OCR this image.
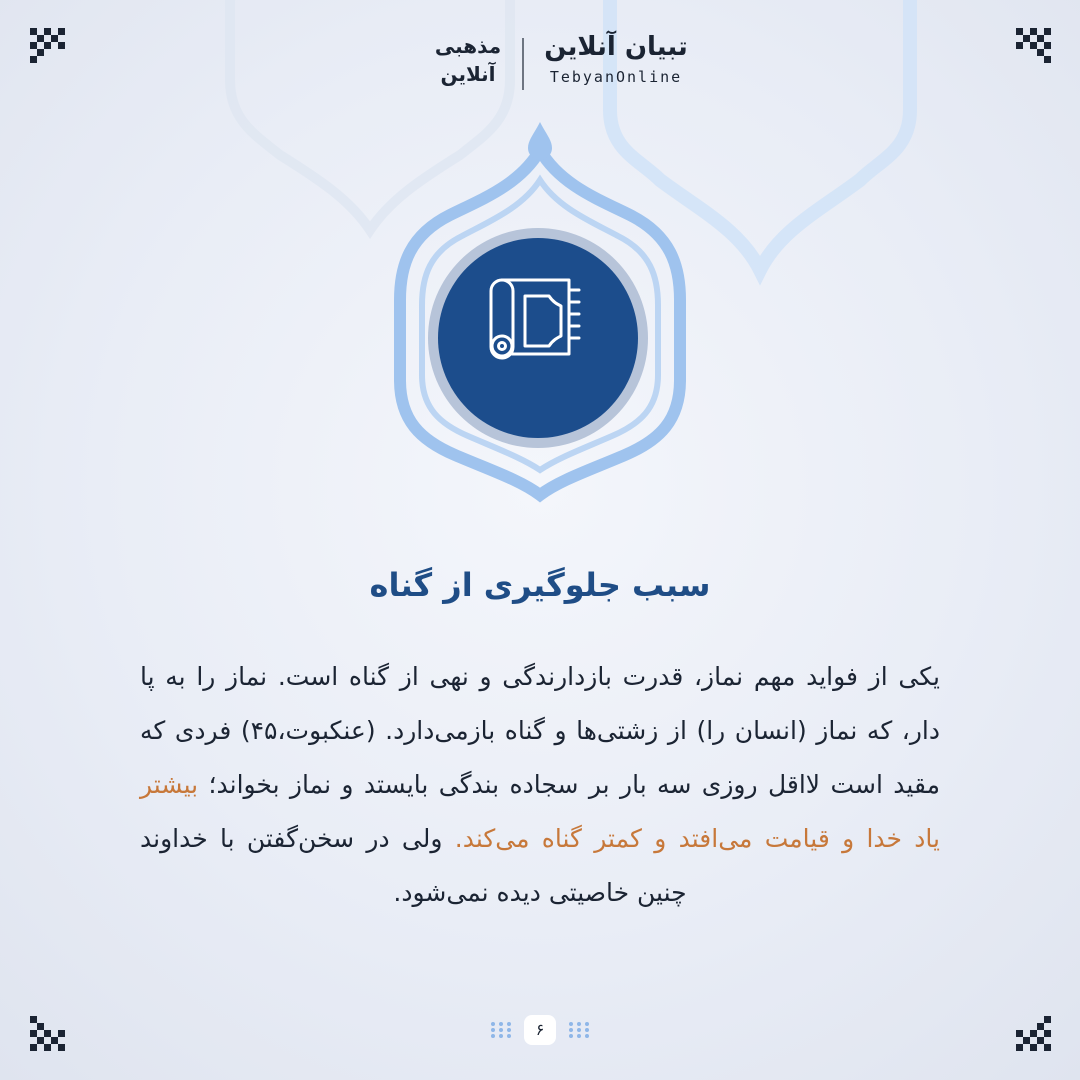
تبیان آنلاین
TebyanOnline
مذهبی
آنلاین
سبب جلوگیری از گناه
یکی از فواید مهم نماز، قدرت بازدارندگی و نهی از گناه است. نماز را به پا دار، که نماز (انسان را) از زشتی‌ها و گناه بازمی‌دارد. (عنکبوت،۴۵) فردی که مقید است لااقل روزی سه بار بر سجاده بندگی بایستد و نماز بخواند؛ بیشتر یاد خدا و قیامت می‌افتد و کمتر گناه می‌کند. ولی در سخن‌گفتن با خداوند چنین خاصیتی دیده نمی‌شود.
۶
